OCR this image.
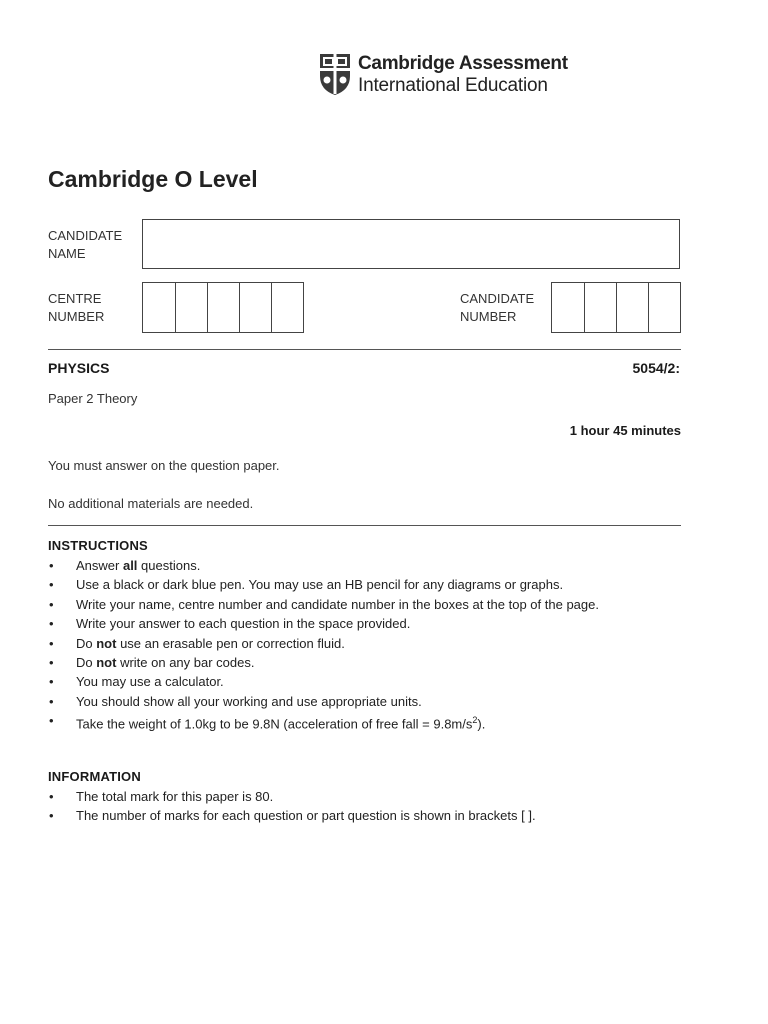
Cambridge Assessment
International Education
Cambridge O Level
CANDIDATE NAME
CENTRE NUMBER
CANDIDATE NUMBER
PHYSICS	5054/2:
Paper 2 Theory
1 hour 45 minutes
You must answer on the question paper.
No additional materials are needed.
INSTRUCTIONS
• Answer all questions.
• Use a black or dark blue pen. You may use an HB pencil for any diagrams or graphs.
• Write your name, centre number and candidate number in the boxes at the top of the page.
• Write your answer to each question in the space provided.
• Do not use an erasable pen or correction fluid.
• Do not write on any bar codes.
• You may use a calculator.
• You should show all your working and use appropriate units.
• Take the weight of 1.0kg to be 9.8N (acceleration of free fall = $9.8m/s^2$).
INFORMATION
• The total mark for this paper is 80.
• The number of marks for each question or part question is shown in brackets [ ].
